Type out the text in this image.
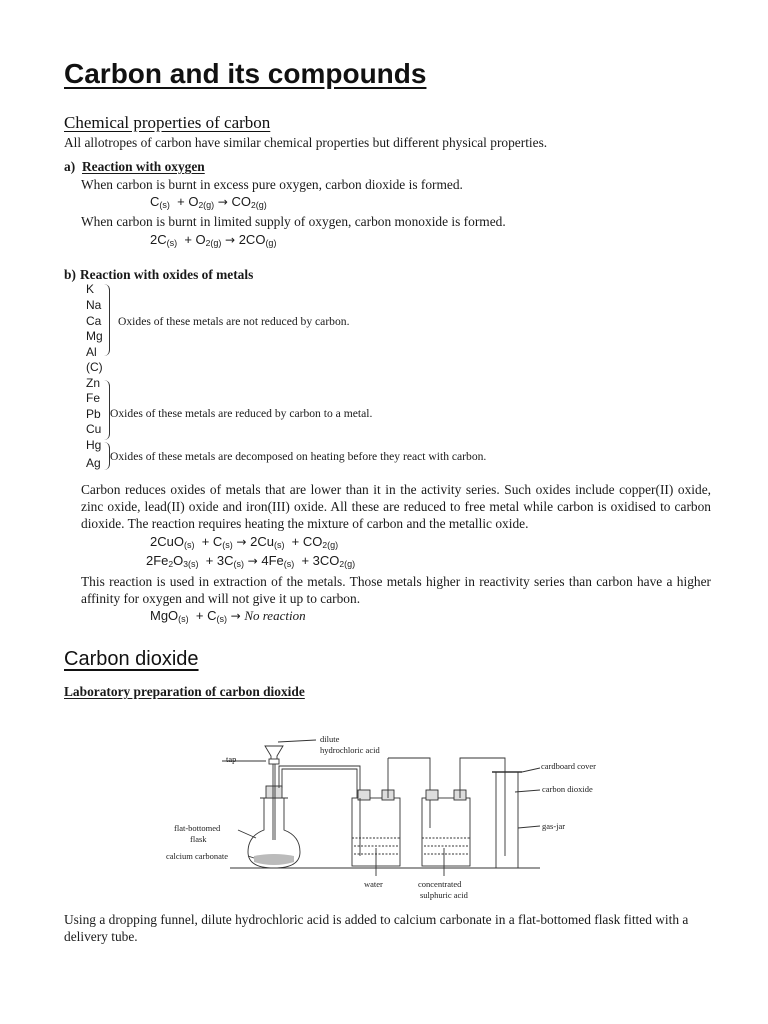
Carbon and its compounds
Chemical properties of carbon
All allotropes of carbon have similar chemical properties but different physical properties.
a) Reaction with oxygen
When carbon is burnt in excess pure oxygen, carbon dioxide is formed.
$C_{(s)} + O_{2(g)} \to CO_{2(g)}$
When carbon is burnt in limited supply of oxygen, carbon monoxide is formed.
$2C_{(s)} + O_{2(g)} \to 2CO_{(g)}$
b) Reaction with oxides of metals
K
Na
Ca
Mg
Al
(C)
Zn
Fe
Pb
Cu
Hg
Ag
Oxides of these metals are not reduced by carbon.
Oxides of these metals are reduced by carbon to a metal.
Oxides of these metals are decomposed on heating before they react with carbon.
Carbon reduces oxides of metals that are lower than it in the activity series. Such oxides include copper(II) oxide, zinc oxide, lead(II) oxide and iron(III) oxide. All these are reduced to free metal while carbon is oxidised to carbon dioxide. The reaction requires heating the mixture of carbon and the metallic oxide.
$2CuO_{(s)} + C_{(s)} \to 2Cu_{(s)} + CO_{2(g)}$
$2Fe_2O_{3(s)} + 3C_{(s)} \to 4Fe_{(s)} + 3CO_{2(g)}$
This reaction is used in extraction of the metals. Those metals higher in reactivity series than carbon have a higher affinity for oxygen and will not give it up to carbon.
$MgO_{(s)} + C_{(s)} \to No$ reaction
Carbon dioxide
Laboratory preparation of carbon dioxide
tap
dilute
hydrochloric acid
flat-bottomed
flask
calcium carbonate
water	concentrated
sulphuric acid
cardboard cover
carbon dioxide
gas-jar
Using a dropping funnel, dilute hydrochloric acid is added to calcium carbonate in a flat-bottomed flask fitted with a delivery tube.
